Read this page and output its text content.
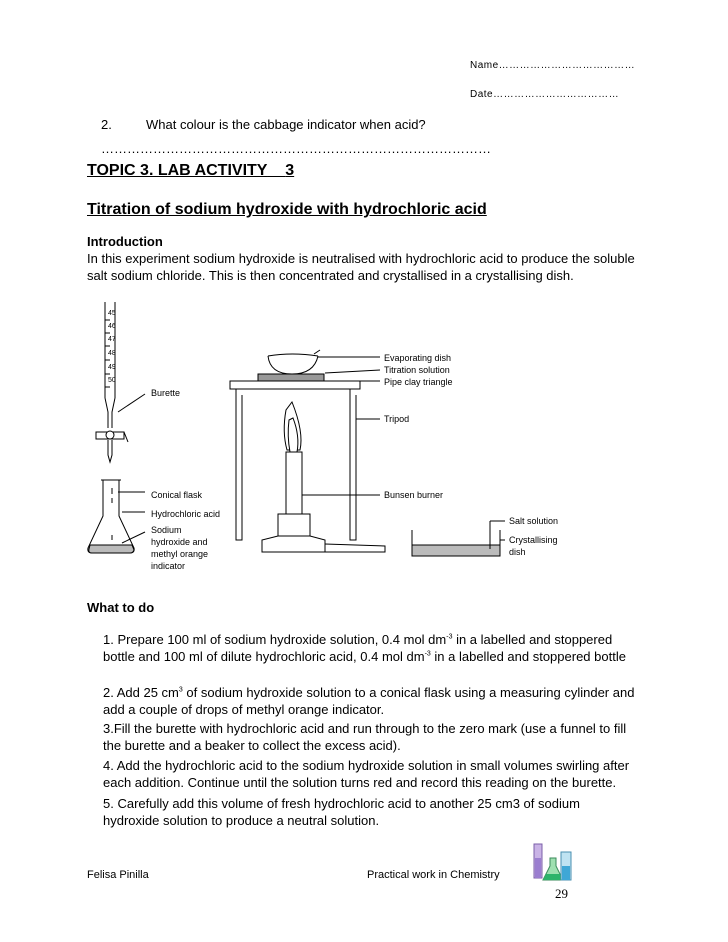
Name…………………………………
Date………………………………
2.	What colour is the cabbage indicator when acid?
………………………………………………………………………………
TOPIC 3. LAB ACTIVITY 3
Titration of sodium hydroxide with hydrochloric acid
Introduction
In this experiment sodium hydroxide is neutralised with hydrochloric acid to produce the soluble
salt sodium chloride. This is then concentrated and crystallised in a crystallising dish.
45
46
47
48
49
50
Burette
Conical flask
Hydrochloric acid
Sodium
hydroxide and
methyl orange
indicator
Evaporating dish
Titration solution
Pipe clay triangle
Tripod
Bunsen burner
Salt solution
Crystallising
dish
What to do
1. Prepare 100 ml of sodium hydroxide solution, 0.4 mol $dm^{-3}$ in a labelled and stoppered
bottle and 100 ml of dilute hydrochloric acid, 0.4 mol $dm^{-3}$ in a labelled and stoppered bottle
2. Add 25 $cm^3$ of sodium hydroxide solution to a conical flask using a measuring cylinder and
add a couple of drops of methyl orange indicator.
3.Fill the burette with hydrochloric acid and run through to the zero mark (use a funnel to fill
the burette and a beaker to collect the excess acid).
4. Add the hydrochloric acid to the sodium hydroxide solution in small volumes swirling after
each addition. Continue until the solution turns red and record this reading on the burette.
5. Carefully add this volume of fresh hydrochloric acid to another 25 cm3 of sodium
hydroxide solution to produce a neutral solution.
Felisa Pinilla	Practical work in Chemistry
29
